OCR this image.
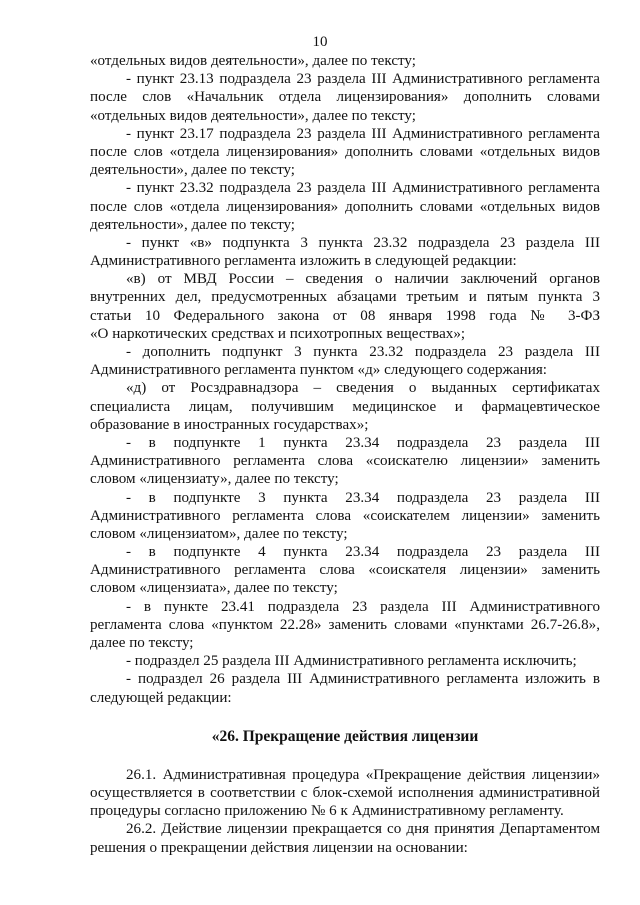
10
«отдельных видов деятельности», далее по тексту;
- пункт 23.13 подраздела 23 раздела III Административного регламента
после слов «Начальник отдела лицензирования» дополнить словами
«отдельных видов деятельности», далее по тексту;
- пункт 23.17 подраздела 23 раздела III Административного регламента
после слов «отдела лицензирования» дополнить словами «отдельных видов
деятельности», далее по тексту;
- пункт 23.32 подраздела 23 раздела III Административного регламента
после слов «отдела лицензирования» дополнить словами «отдельных видов
деятельности», далее по тексту;
- пункт «в» подпункта 3 пункта 23.32 подраздела 23 раздела III
Административного регламента изложить в следующей редакции:
«в) от МВД России – сведения о наличии заключений органов
внутренних дел, предусмотренных абзацами третьим и пятым пункта 3
статьи 10 Федерального закона от 08 января 1998 года № 3-ФЗ
«О наркотических средствах и психотропных веществах»;
- дополнить подпункт 3 пункта 23.32 подраздела 23 раздела III
Административного регламента пунктом «д» следующего содержания:
«д) от Росздравнадзора – сведения о выданных сертификатах
специалиста лицам, получившим медицинское и фармацевтическое
образование в иностранных государствах»;
- в подпункте 1 пункта 23.34 подраздела 23 раздела III
Административного регламента слова «соискателю лицензии» заменить
словом «лицензиату», далее по тексту;
- в подпункте 3 пункта 23.34 подраздела 23 раздела III
Административного регламента слова «соискателем лицензии» заменить
словом «лицензиатом», далее по тексту;
- в подпункте 4 пункта 23.34 подраздела 23 раздела III
Административного регламента слова «соискателя лицензии» заменить
словом «лицензиата», далее по тексту;
- в пункте 23.41 подраздела 23 раздела III Административного
регламента слова «пунктом 22.28» заменить словами «пунктами 26.7-26.8»,
далее по тексту;
- подраздел 25 раздела III Административного регламента исключить;
- подраздел 26 раздела III Административного регламента изложить в
следующей редакции:
«26. Прекращение действия лицензии
26.1. Административная процедура «Прекращение действия лицензии»
осуществляется в соответствии с блок-схемой исполнения административной
процедуры согласно приложению № 6 к Административному регламенту.
26.2. Действие лицензии прекращается со дня принятия Департаментом
решения о прекращении действия лицензии на основании:
